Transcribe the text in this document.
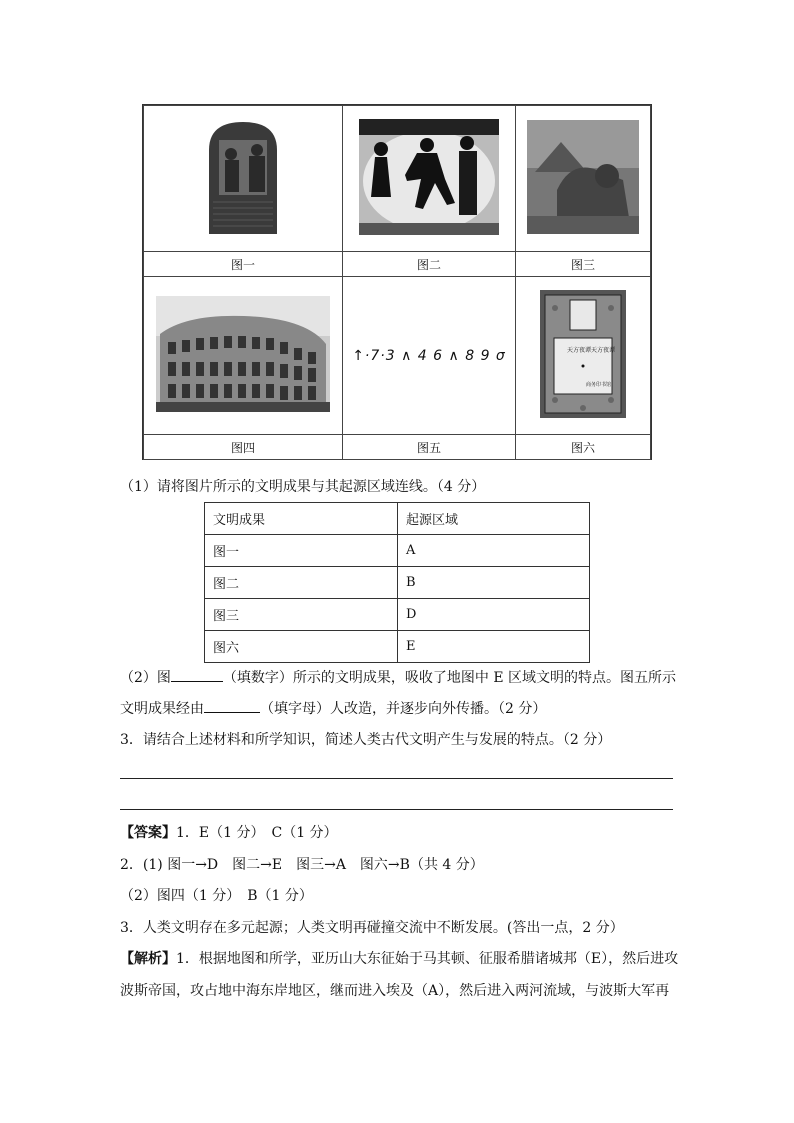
图一	图二	图三

↑·7·3 ∧ 4 6 ∧ 8 9 σ	天方夜谭 天方夜谭
商务印书馆

图四	图五	图六
（1）请将图片所示的文明成果与其起源区域连线。（4 分）
文明成果	起源区域
图一	A
图二	B
图三	D
图六	E
（2）图	（填数字）所示的文明成果，吸收了地图中 E 区域文明的特点。图五所示
文明成果经由	（填字母）人改造，并逐步向外传播。（2 分）
3．请结合上述材料和所学知识，简述人类古代文明产生与发展的特点。（2 分）
【答案】1．E（1 分）　C（1 分）
2．(1) 图一→D　图二→E　图三→A　图六→B（共 4 分）
（2）图四（1 分）　B（1 分）
3．人类文明存在多元起源；人类文明再碰撞交流中不断发展。(答出一点，2 分）
【解析】1．根据地图和所学，亚历山大东征始于马其顿、征服希腊诸城邦（E），然后进攻
波斯帝国，攻占地中海东岸地区，继而进入埃及（A），然后进入两河流域，与波斯大军再
